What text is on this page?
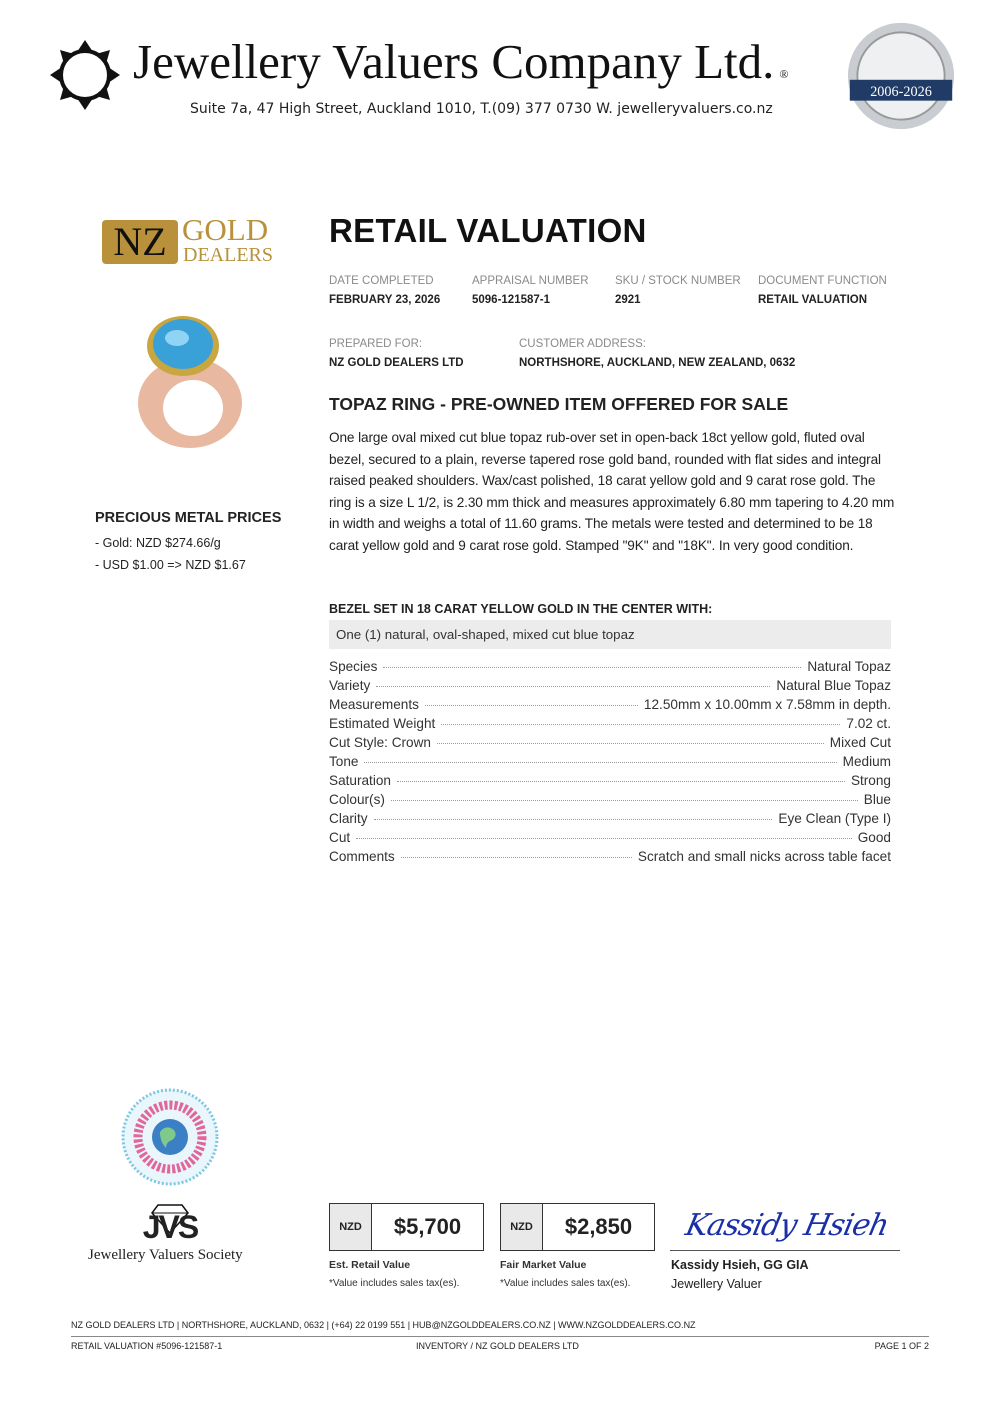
Jewellery Valuers Company Ltd. ®
Suite 7a, 47 High Street, Auckland 1010, T.(09) 377 0730 W. jewelleryvaluers.co.nz
2006-2026
NZ GOLD
DEALERS
PRECIOUS METAL PRICES
- Gold: NZD $274.66/g
- USD $1.00 => NZD $1.67
RETAIL VALUATION
DATE COMPLETED
FEBRUARY 23, 2026
APPRAISAL NUMBER
5096-121587-1
SKU / STOCK NUMBER
2921
DOCUMENT FUNCTION
RETAIL VALUATION
PREPARED FOR:
NZ GOLD DEALERS LTD
CUSTOMER ADDRESS:
NORTHSHORE, AUCKLAND, NEW ZEALAND, 0632
TOPAZ RING - PRE-OWNED ITEM OFFERED FOR SALE
One large oval mixed cut blue topaz rub-over set in open-back 18ct yellow gold, fluted oval bezel, secured to a plain, reverse tapered rose gold band, rounded with flat sides and integral raised peaked shoulders. Wax/cast polished, 18 carat yellow gold and 9 carat rose gold. The ring is a size L 1/2, is 2.30 mm thick and measures approximately 6.80 mm tapering to 4.20 mm in width and weighs a total of 11.60 grams. The metals were tested and determined to be 18 carat yellow gold and 9 carat rose gold. Stamped "9K" and "18K". In very good condition.
BEZEL SET IN 18 CARAT YELLOW GOLD IN THE CENTER WITH:
One (1) natural, oval-shaped, mixed cut blue topaz
Species	Natural Topaz
Variety	Natural Blue Topaz
Measurements	12.50mm x 10.00mm x 7.58mm in depth.
Estimated Weight	7.02 ct.
Cut Style: Crown	Mixed Cut
Tone	Medium
Saturation	Strong
Colour(s)	Blue
Clarity	Eye Clean (Type I)
Cut	Good
Comments	Scratch and small nicks across table facet
JVS
Jewellery Valuers Society
NZD	$5,700
Est. Retail Value
*Value includes sales tax(es).
NZD	$2,850
Fair Market Value
*Value includes sales tax(es).
Kassidy Hsieh
Kassidy Hsieh, GG GIA
Jewellery Valuer
NZ GOLD DEALERS LTD | NORTHSHORE, AUCKLAND, 0632 | (+64) 22 0199 551 | HUB@NZGOLDDEALERS.CO.NZ | WWW.NZGOLDDEALERS.CO.NZ
RETAIL VALUATION #5096-121587-1	INVENTORY / NZ GOLD DEALERS LTD	PAGE 1 OF 2
